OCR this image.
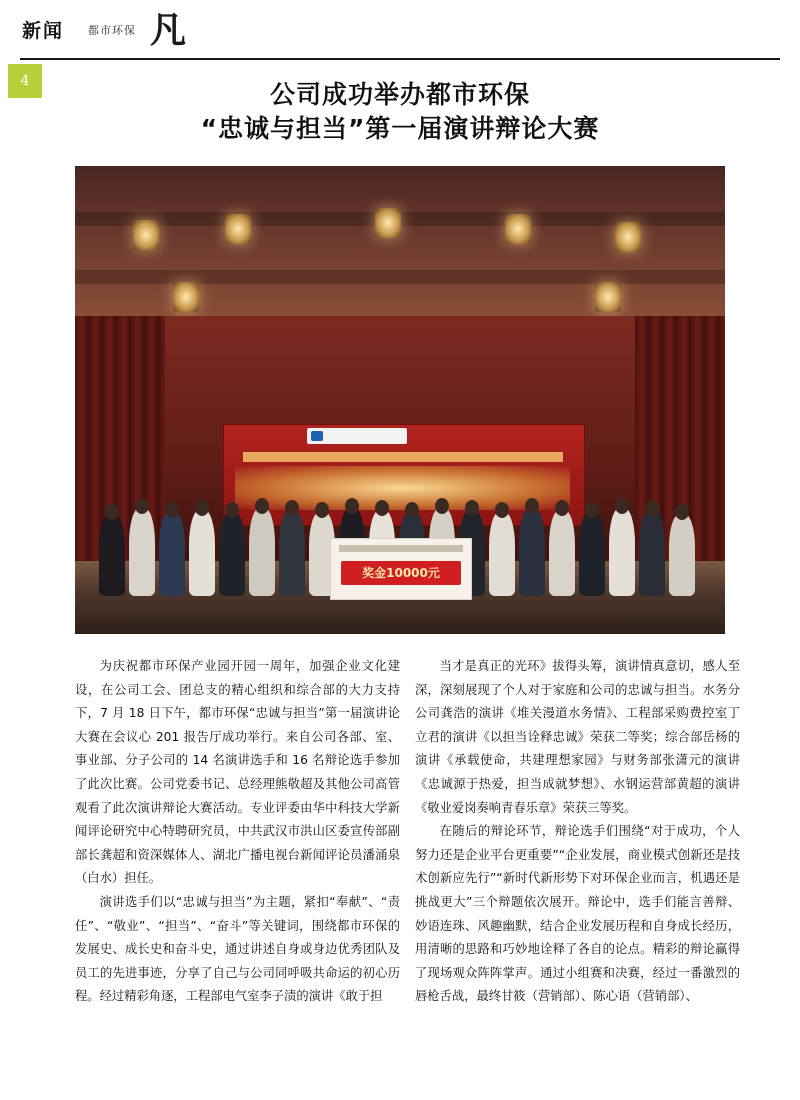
新闻 都市环保 凡
4	公司成功举办都市环保
“忠诚与担当”第一届演讲辩论大赛
奖金10000元

为庆祝都市环保产业园开园一周年，加强企业文化建设，在公司工会、团总支的精心组织和综合部的大力支持下，7 月 18 日下午，都市环保“忠诚与担当”第一届演讲论大赛在会议心 201 报告厅成功举行。来自公司各部、室、事业部、分子公司的 14 名演讲选手和 16 名辩论选手参加了此次比赛。公司党委书记、总经理熊敬超及其他公司高管观看了此次演讲辩论大赛活动。专业评委由华中科技大学新闻评论研究中心特聘研究员，中共武汉市洪山区委宣传部副部长龚超和资深媒体人、湖北广播电视台新闻评论员潘涌泉（白水）担任。

演讲选手们以“忠诚与担当”为主题，紧扣“奉献”、“责任”、“敬业”、“担当”、“奋斗”等关键词，围绕都市环保的发展史、成长史和奋斗史，通过讲述自身或身边优秀团队及员工的先进事迹，分享了自己与公司同呼吸共命运的初心历程。经过精彩角逐，工程部电气室李子渍的演讲《敢于担

当才是真正的光环》拔得头筹，演讲情真意切，感人至深，深刻展现了个人对于家庭和公司的忠诚与担当。水务分公司龚浩的演讲《堆关漫道水务情》、工程部采购费控室丁立君的演讲《以担当诠释忠诚》荣获二等奖；综合部岳杨的演讲《承载使命，共建理想家园》与财务部张潇元的演讲《忠诚源于热爱，担当成就梦想》、水钢运营部黄超的演讲《敬业爱岗奏响青春乐章》荣获三等奖。

在随后的辩论环节，辩论选手们围绕“对于成功，个人努力还是企业平台更重要”“企业发展，商业模式创新还是技术创新应先行”“新时代新形势下对环保企业而言，机遇还是挑战更大”三个辩题依次展开。辩论中，选手们能言善辩、妙语连珠、风趣幽默，结合企业发展历程和自身成长经历，用清晰的思路和巧妙地诠释了各自的论点。精彩的辩论赢得了现场观众阵阵掌声。通过小组赛和决赛，经过一番激烈的唇枪舌战，最终甘筱（营销部）、陈心语（营销部）、
